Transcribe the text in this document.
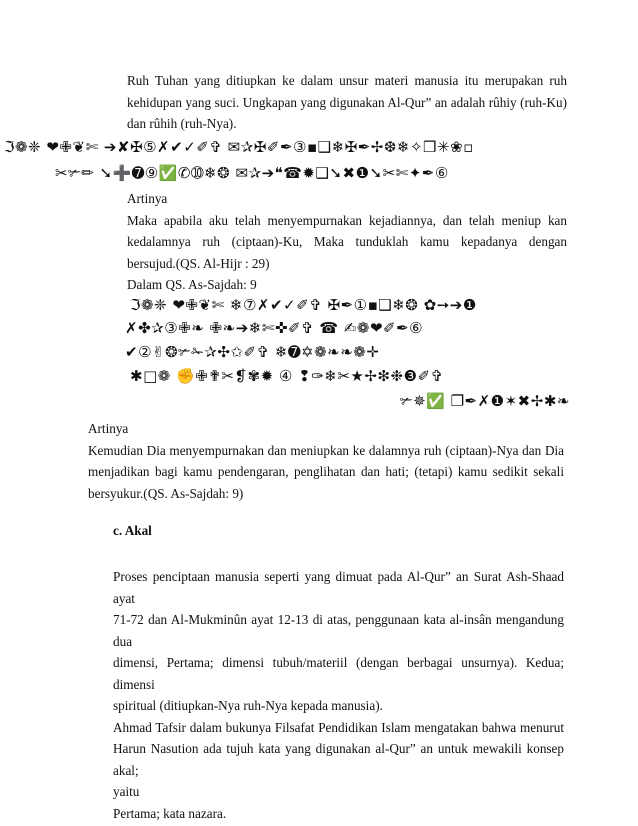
Ruh Tuhan yang ditiupkan ke dalam unsur materi manusia itu merupakan ruh
kehidupan yang suci. Ungkapan yang digunakan Al-Qur” an adalah rûhiy (ruh-Ku)
dan rûhih (ruh-Nya).
ℑ❁❈ ❤✙❦✄ ➔✘✠⑤✗✔✓✐✞ ✉✰✠✐✒③▪❑❄✠✒✢❆❄✧❒✳❀▫
✂✃✏ ➘➕➐⑨✅✆➉❄❂ ✉✰➔❝☎✹❑➘✖❶➘✂✄✦✒⑥
Artinya
Maka apabila aku telah menyempurnakan kejadiannya, dan telah meniup kan
kedalamnya ruh (ciptaan)-Ku, Maka tunduklah kamu kepadanya dengan
bersujud.(QS. Al-Hijr : 29)
Dalam QS. As-Sajdah: 9
ℑ❁❈ ❤✙❦✄ ❄⑦✗✔✓✐✞ ✠✒①▪❑❄❂ ✿➙➔❶
✗✤✰③✙❧ ✙❧➔❄✄✜✐✞ ☎ ✍❁❤✐✒⑥
✔②✌❂✃✁✰✣✩✐✞ ❄➐✡❁❧❧❁✛
✱□❁ ✊✙✟✂❡✾✹ ④ ❢✑❄✂★✢❇❉❸✐✞
✃✵✅ ❐✒✗❶✶✖✢✱❧
Artinya
Kemudian Dia menyempurnakan dan meniupkan ke dalamnya ruh (ciptaan)-Nya dan Dia
menjadikan bagi kamu pendengaran, penglihatan dan hati; (tetapi) kamu sedikit sekali
bersyukur.(QS. As-Sajdah: 9)
c. Akal
Proses penciptaan manusia seperti yang dimuat pada Al-Qur” an Surat Ash-Shaad ayat
71-72 dan Al-Mukminûn ayat 12-13 di atas, penggunaan kata al-insân mengandung dua
dimensi, Pertama; dimensi tubuh/materiil (dengan berbagai unsurnya). Kedua; dimensi
spiritual (ditiupkan-Nya ruh-Nya kepada manusia).
Ahmad Tafsir dalam bukunya Filsafat Pendidikan Islam mengatakan bahwa menurut
Harun Nasution ada tujuh kata yang digunakan al-Qur” an untuk mewakili konsep akal;
yaitu
Pertama; kata nazara.
